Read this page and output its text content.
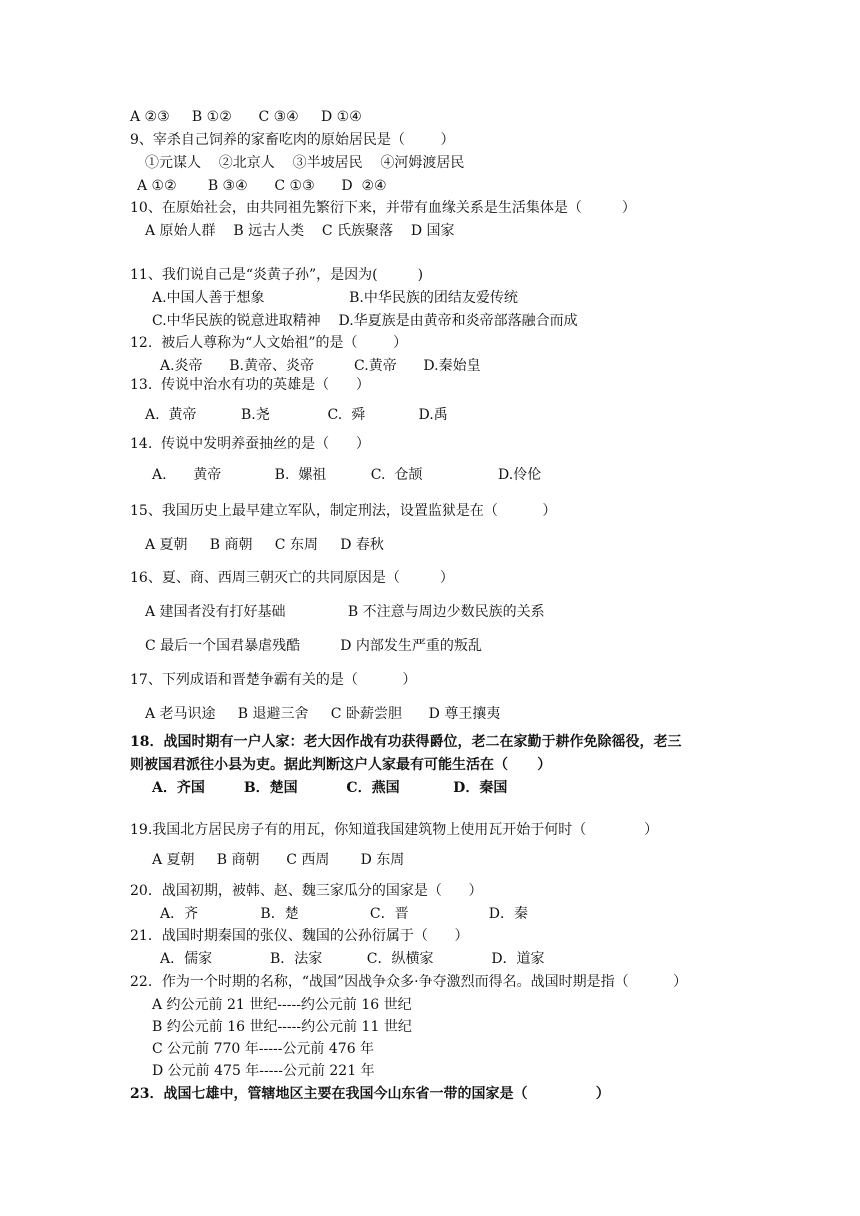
A ②③     B ①②      C ③④     D ①④
9、宰杀自己饲养的家畜吃肉的原始居民是（        ）
①元谋人    ②北京人    ③半坡居民    ④河姆渡居民
A ①②       B ③④      C ①③      D  ②④
10、在原始社会，由共同祖先繁衍下来，并带有血缘关系是生活集体是（         ）
A 原始人群    B 远古人类    C 氏族聚落    D 国家
11、我们说自己是“炎黄子孙”，是因为(         )
A.中国人善于想象                   B.中华民族的团结友爱传统
C.中华民族的锐意进取精神    D.华夏族是由黄帝和炎帝部落融合而成
12.  被后人尊称为“人文始祖”的是（        ）
A.炎帝      B.黄帝、炎帝         C.黄帝      D.秦始皇
13.  传说中治水有功的英雄是（      ）
A.  黄帝          B.尧             C.  舜            D.禹
14.  传说中发明养蚕抽丝的是（      ）
A.      黄帝            B.  嫘祖          C.  仓颉                 D.伶伦
15、我国历史上最早建立军队，制定刑法，设置监狱是在（          ）
A 夏朝     B 商朝     C 东周     D 春秋
16、夏、商、西周三朝灭亡的共同原因是（         ）
A 建国者没有打好基础              B 不注意与周边少数民族的关系
C 最后一个国君暴虐残酷         D 内部发生严重的叛乱
17、下列成语和晋楚争霸有关的是（          ）
A 老马识途     B 退避三舍     C 卧薪尝胆      D 尊王攘夷
18．战国时期有一户人家：老大因作战有功获得爵位，老二在家勤于耕作免除徭役，老三
则被国君派往小县为吏。据此判断这户人家最有可能生活在（      ）
A．齐国        B．楚国          C．燕国           D．秦国
19.我国北方居民房子有的用瓦，你知道我国建筑物上使用瓦开始于何时（             ）
A 夏朝     B 商朝      C 西周       D 东周
20．战国初期，被韩、赵、魏三家瓜分的国家是（      ）
A．齐              B．楚                C．晋                  D．秦
21．战国时期秦国的张仪、魏国的公孙衍属于（      ）
A．儒家             B．法家          C．纵横家             D．道家
22．作为一个时期的名称，“战国”因战争众多·争夺激烈而得名。战国时期是指（          ）
A 约公元前 21 世纪-----约公元前 16 世纪
B 约公元前 16 世纪-----约公元前 11 世纪
C 公元前 770 年-----公元前 476 年
D 公元前 475 年-----公元前 221 年
23．战国七雄中，管辖地区主要在我国今山东省一带的国家是（              ）
